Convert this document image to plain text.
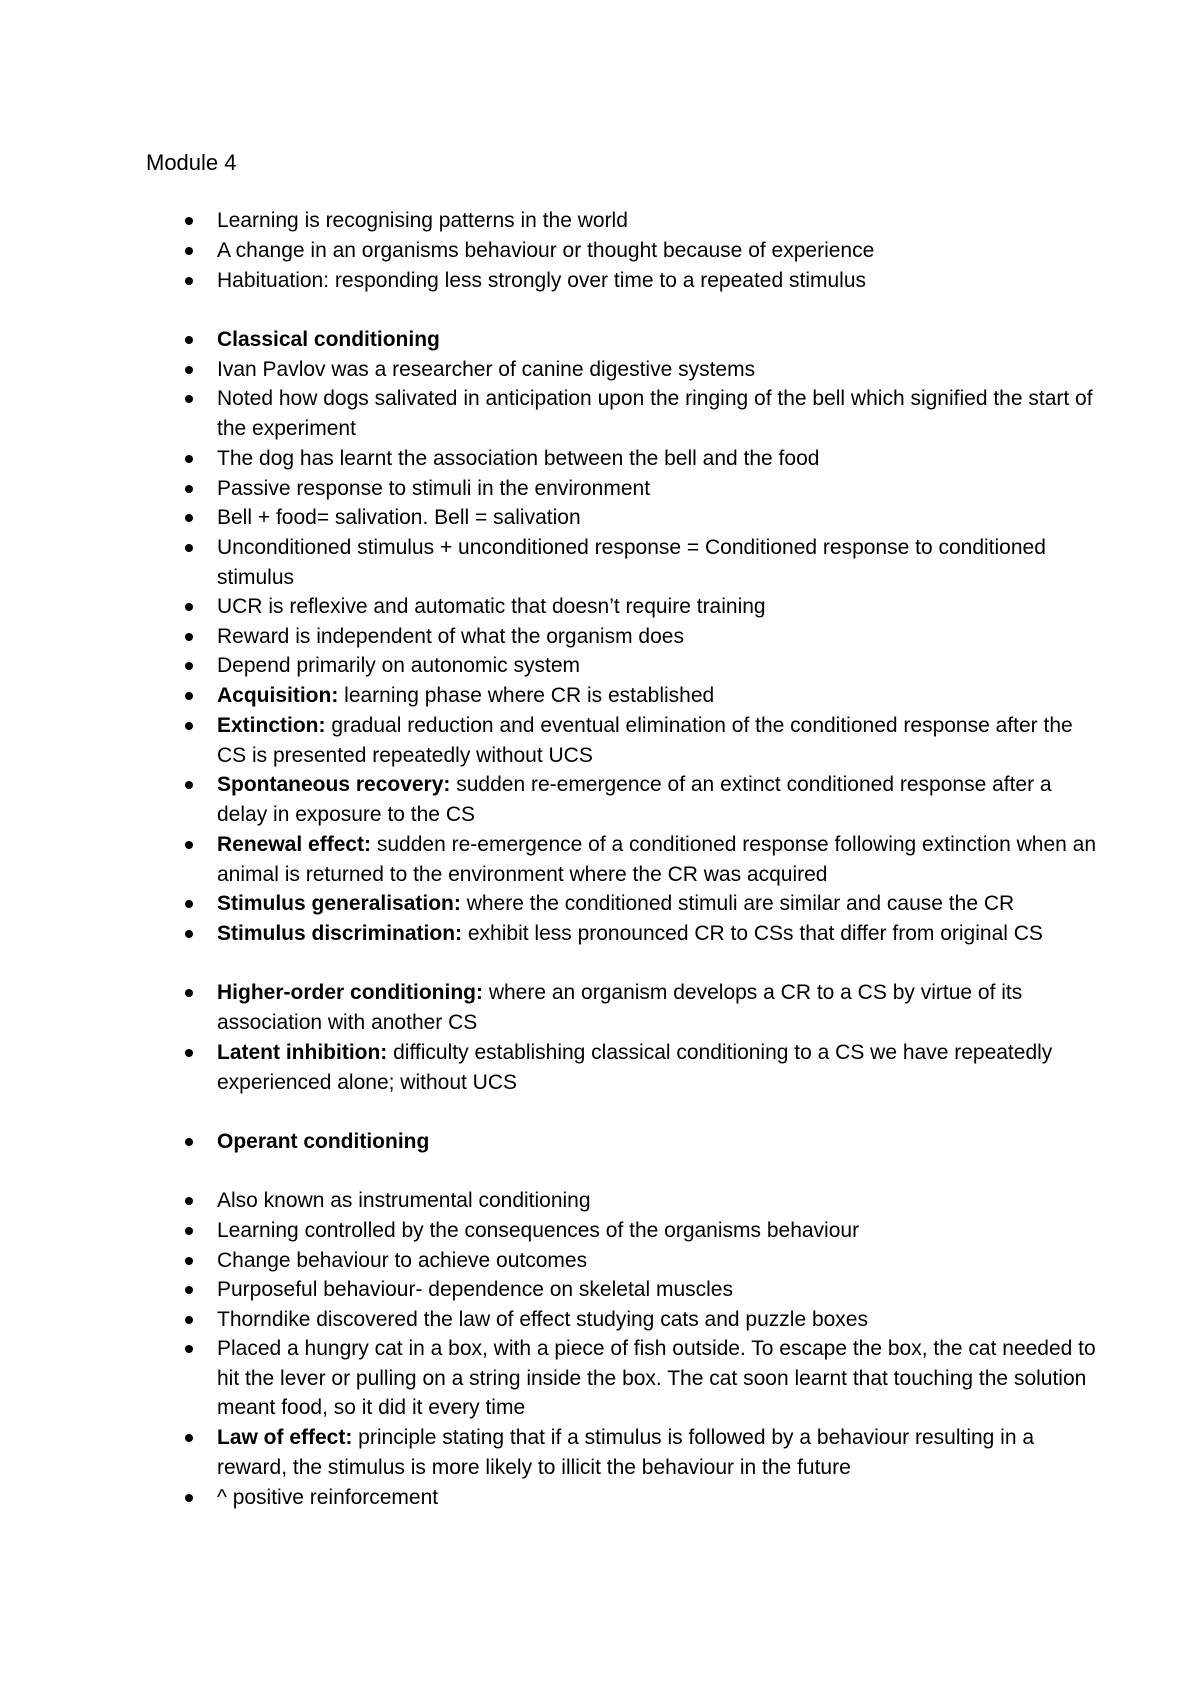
Module 4
Learning is recognising patterns in the world
A change in an organisms behaviour or thought because of experience
Habituation: responding less strongly over time to a repeated stimulus
Classical conditioning
Ivan Pavlov was a researcher of canine digestive systems
Noted how dogs salivated in anticipation upon the ringing of the bell which signified the start of the experiment
The dog has learnt the association between the bell and the food
Passive response to stimuli in the environment
Bell + food= salivation. Bell = salivation
Unconditioned stimulus + unconditioned response = Conditioned response to conditioned stimulus
UCR is reflexive and automatic that doesn’t require training
Reward is independent of what the organism does
Depend primarily on autonomic system
Acquisition: learning phase where CR is established
Extinction: gradual reduction and eventual elimination of the conditioned response after the CS is presented repeatedly without UCS
Spontaneous recovery: sudden re-emergence of an extinct conditioned response after a delay in exposure to the CS
Renewal effect: sudden re-emergence of a conditioned response following extinction when an animal is returned to the environment where the CR was acquired
Stimulus generalisation: where the conditioned stimuli are similar and cause the CR
Stimulus discrimination: exhibit less pronounced CR to CSs that differ from original CS
Higher-order conditioning: where an organism develops a CR to a CS by virtue of its association with another CS
Latent inhibition: difficulty establishing classical conditioning to a CS we have repeatedly experienced alone; without UCS
Operant conditioning
Also known as instrumental conditioning
Learning controlled by the consequences of the organisms behaviour
Change behaviour to achieve outcomes
Purposeful behaviour- dependence on skeletal muscles
Thorndike discovered the law of effect studying cats and puzzle boxes
Placed a hungry cat in a box, with a piece of fish outside. To escape the box, the cat needed to hit the lever or pulling on a string inside the box. The cat soon learnt that touching the solution meant food, so it did it every time
Law of effect: principle stating that if a stimulus is followed by a behaviour resulting in a reward, the stimulus is more likely to illicit the behaviour in the future
^ positive reinforcement
